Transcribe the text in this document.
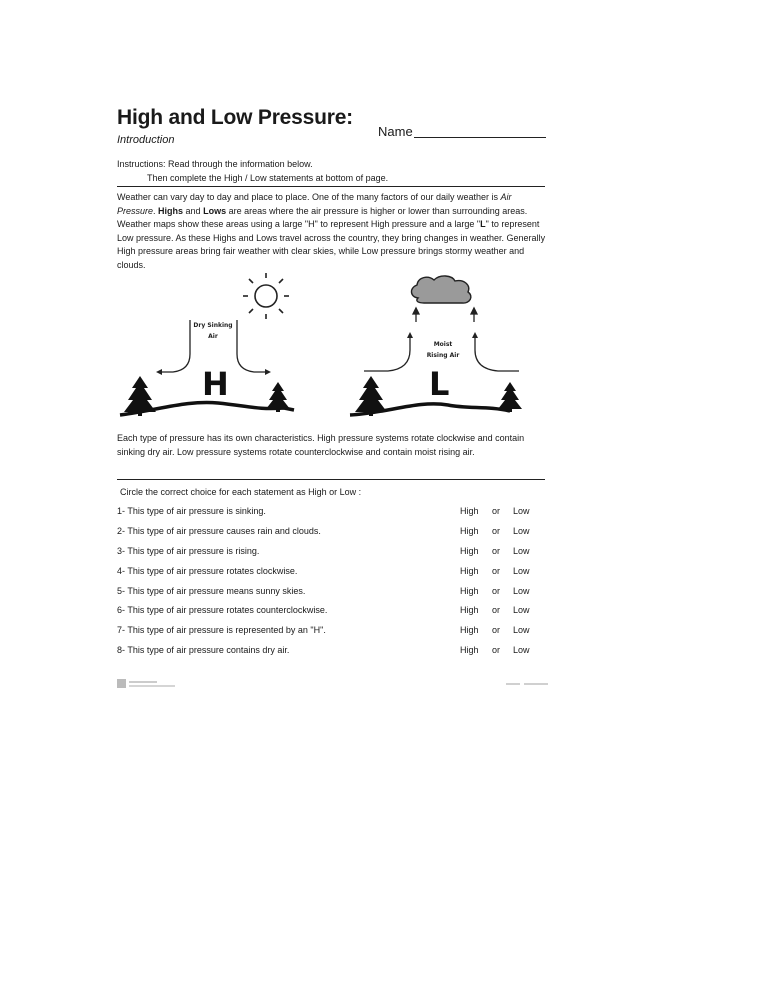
High and Low Pressure:
Introduction
Name
Instructions: Read through the information below.
Then complete the High / Low statements at bottom of page.
Weather can vary day to day and place to place. One of the many factors of our daily weather is Air Pressure. Highs and Lows are areas where the air pressure is higher or lower than surrounding areas. Weather maps show these areas using a large "H" to represent High pressure and a large "L" to represent Low pressure. As these Highs and Lows travel across the country, they bring changes in weather. Generally High pressure areas bring fair weather with clear skies, while Low pressure brings stormy weather and clouds.
H	L
Dry Sinking
Air
Moist
Rising Air
Each type of pressure has its own characteristics. High pressure systems rotate clockwise and contain sinking dry air. Low pressure systems rotate counterclockwise and contain moist rising air.
Circle the correct choice for each statement as High or Low :
1- This type of air pressure is sinking.	High or Low
2- This type of air pressure causes rain and clouds.	High or Low
3- This type of air pressure is rising.	High or Low
4- This type of air pressure rotates clockwise.	High or Low
5- This type of air pressure means sunny skies.	High or Low
6- This type of air pressure rotates counterclockwise.	High or Low
7- This type of air pressure is represented by an "H".	High or Low
8- This type of air pressure contains dry air.	High or Low
